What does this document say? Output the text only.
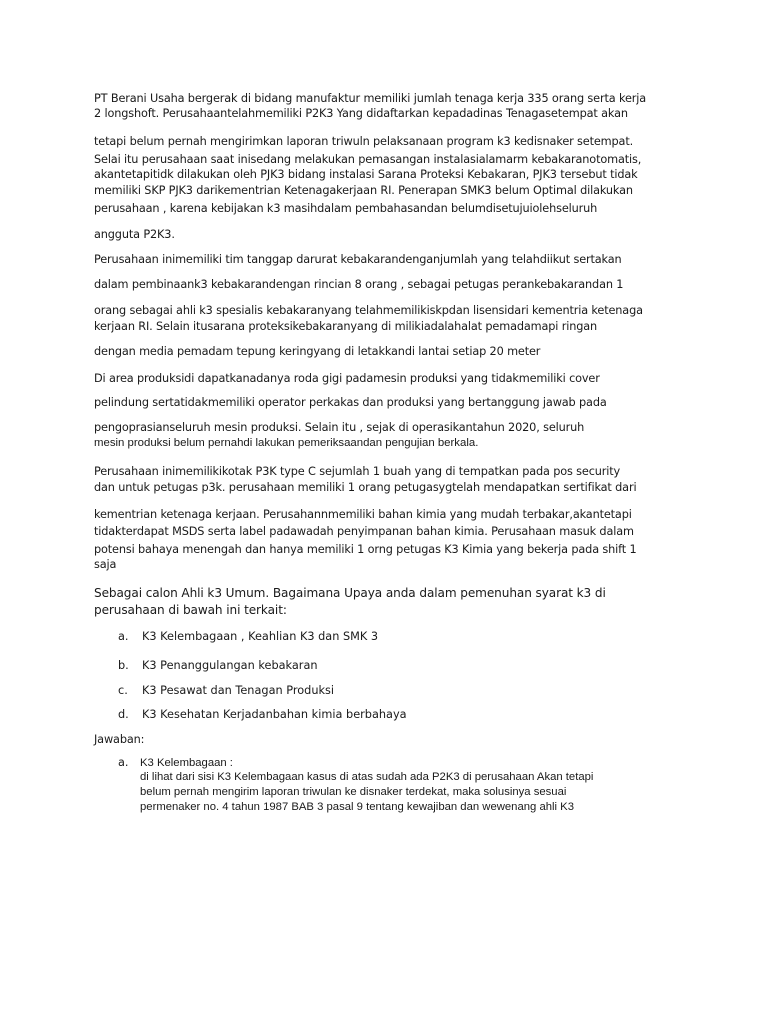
PT Berani Usaha bergerak di bidang manufaktur memiliki jumlah tenaga kerja 335 orang serta kerja
2 longshoft. Perusahaantelahmemiliki P2K3 Yang didaftarkan kepadadinas Tenagasetempat akan
tetapi belum pernah mengirimkan laporan triwuln pelaksanaan program k3 kedisnaker setempat.
Selai itu perusahaan saat inisedang melakukan pemasangan instalasialamarm kebakaranotomatis,
akantetapitidk dilakukan oleh PJK3 bidang instalasi Sarana Proteksi Kebakaran, PJK3 tersebut tidak
memiliki SKP PJK3 darikementrian Ketenagakerjaan RI. Penerapan SMK3 belum Optimal dilakukan
perusahaan , karena kebijakan k3 masihdalam pembahasandan belumdisetujuiolehseluruh
angguta P2K3.
Perusahaan inimemiliki tim tanggap darurat kebakarandenganjumlah yang telahdiikut sertakan
dalam pembinaank3 kebakarandengan rincian 8 orang , sebagai petugas perankebakarandan 1
orang sebagai ahli k3 spesialis kebakaranyang telahmemilikiskpdan lisensidari kementria ketenaga
kerjaan RI. Selain itusarana proteksikebakaranyang di milikiadalahalat pemadamapi ringan
dengan media pemadam tepung keringyang di letakkandi lantai setiap 20 meter
Di area produksidi dapatkanadanya roda gigi padamesin produksi yang tidakmemiliki cover
pelindung sertatidakmemiliki operator perkakas dan produksi yang bertanggung jawab pada
pengoprasianseluruh mesin produksi. Selain itu , sejak di operasikantahun 2020, seluruh
mesin produksi belum pernahdi lakukan pemeriksaandan pengujian berkala.
Perusahaan inimemilikikotak P3K type C sejumlah 1 buah yang di tempatkan pada pos security
dan untuk petugas p3k. perusahaan memiliki 1 orang petugasygtelah mendapatkan sertifikat dari
kementrian ketenaga kerjaan. Perusahannmemiliki bahan kimia yang mudah terbakar,akantetapi
tidakterdapat MSDS serta label padawadah penyimpanan bahan kimia. Perusahaan masuk dalam
potensi bahaya menengah dan hanya memiliki 1 orng petugas K3 Kimia yang bekerja pada shift 1
saja
Sebagai calon Ahli k3 Umum. Bagaimana Upaya anda dalam pemenuhan syarat k3 di
perusahaan di bawah ini terkait:
a. K3 Kelembagaan , Keahlian K3 dan SMK 3
b. K3 Penanggulangan kebakaran
c. K3 Pesawat dan Tenagan Produksi
d. K3 Kesehatan Kerjadanbahan kimia berbahaya
Jawaban:
a. K3 Kelembagaan :
di lihat dari sisi K3 Kelembagaan kasus di atas sudah ada P2K3 di perusahaan Akan tetapi
belum pernah mengirim laporan triwulan ke disnaker terdekat, maka solusinya sesuai
permenaker no. 4 tahun 1987 BAB 3 pasal 9 tentang kewajiban dan wewenang ahli K3
